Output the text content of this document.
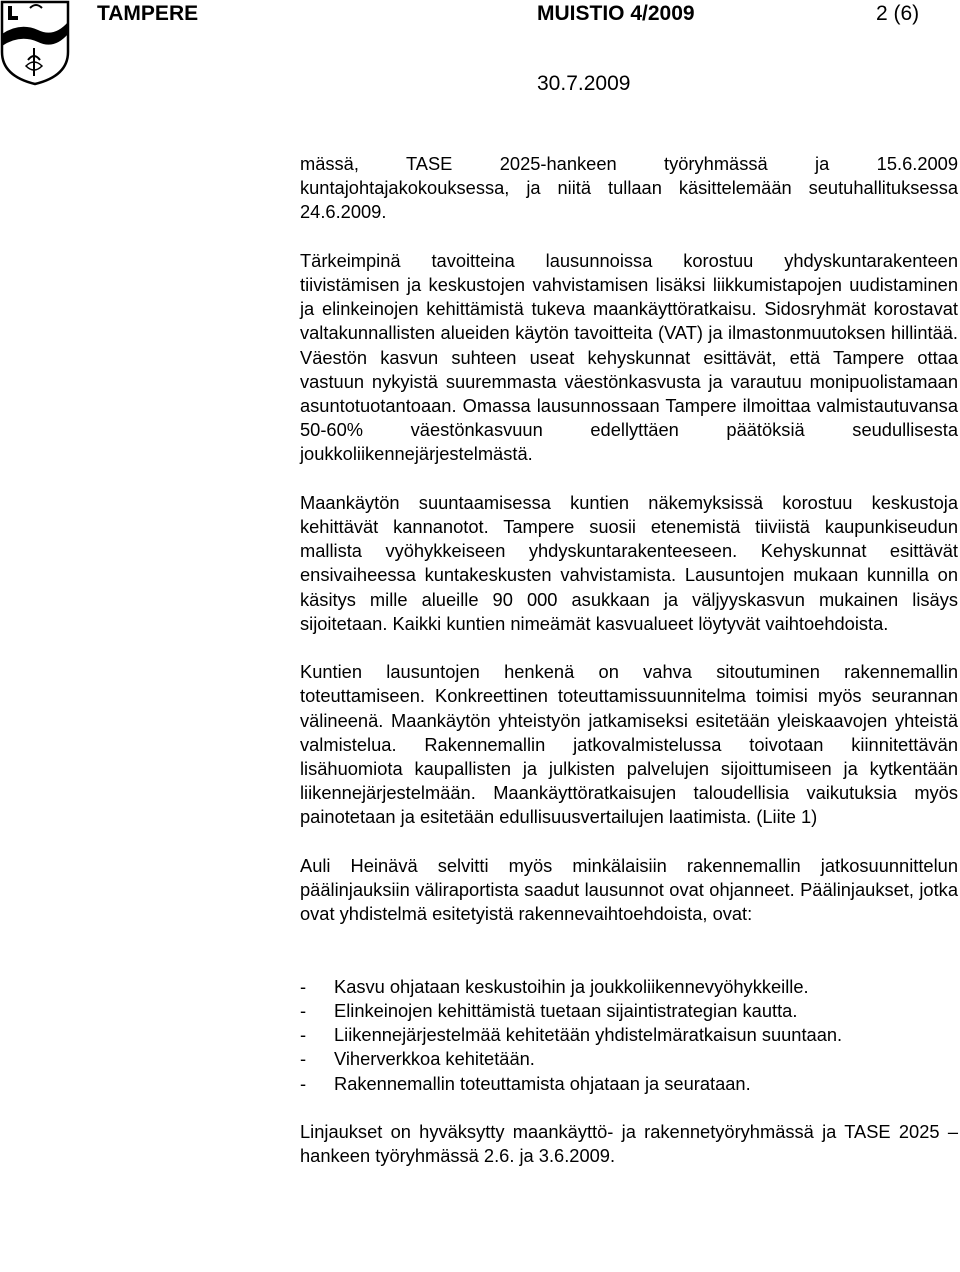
TAMPERE	MUISTIO 4/2009	2 (6)
30.7.2009

mässä, TASE 2025-hankeen työryhmässä ja 15.6.2009 kuntajohtajakokouksessa, ja niitä tullaan käsittelemään seutuhallituksessa 24.6.2009.

Tärkeimpinä tavoitteina lausunnoissa korostuu yhdyskuntarakenteen tiivistämisen ja keskustojen vahvistamisen lisäksi liikkumistapojen uudistaminen ja elinkeinojen kehittämistä tukeva maankäyttöratkaisu. Sidosryhmät korostavat valtakunnallisten alueiden käytön tavoitteita (VAT) ja ilmastonmuutoksen hillintää. Väestön kasvun suhteen useat kehyskunnat esittävät, että Tampere ottaa vastuun nykyistä suuremmasta väestönkasvusta ja varautuu monipuolistamaan asuntotuotantoaan. Omassa lausunnossaan Tampere ilmoittaa valmistautuvansa 50-60% väestönkasvuun edellyttäen päätöksiä seudullisesta joukkoliikennejärjestelmästä.

Maankäytön suuntaamisessa kuntien näkemyksissä korostuu keskustoja kehittävät kannanotot. Tampere suosii etenemistä tiiviistä kaupunkiseudun mallista vyöhykkeiseen yhdyskuntarakenteeseen. Kehyskunnat esittävät ensivaiheessa kuntakeskusten vahvistamista. Lausuntojen mukaan kunnilla on käsitys mille alueille 90 000 asukkaan ja väljyyskasvun mukainen lisäys sijoitetaan. Kaikki kuntien nimeämät kasvualueet löytyvät vaihtoehdoista.

Kuntien lausuntojen henkenä on vahva sitoutuminen rakennemallin toteuttamiseen. Konkreettinen toteuttamissuunnitelma toimisi myös seurannan välineenä. Maankäytön yhteistyön jatkamiseksi esitetään yleiskaavojen yhteistä valmistelua. Rakennemallin jatkovalmistelussa toivotaan kiinnitettävän lisähuomiota kaupallisten ja julkisten palvelujen sijoittumiseen ja kytkentään liikennejärjestelmään. Maankäyttöratkaisujen taloudellisia vaikutuksia myös painotetaan ja esitetään edullisuusvertailujen laatimista. (Liite 1)

Auli Heinävä selvitti myös minkälaisiin rakennemallin jatkosuunnittelun päälinjauksiin väliraportista saadut lausunnot ovat ohjanneet. Päälinjaukset, jotka ovat yhdistelmä esitetyistä rakennevaihtoehdoista, ovat:

- Kasvu ohjataan keskustoihin ja joukkoliikennevyöhykkeille.
- Elinkeinojen kehittämistä tuetaan sijaintistrategian kautta.
- Liikennejärjestelmää kehitetään yhdistelmäratkaisun suuntaan.
- Viherverkkoa kehitetään.
- Rakennemallin toteuttamista ohjataan ja seurataan.

Linjaukset on hyväksytty maankäyttö- ja rakennetyöryhmässä ja TASE 2025 –hankeen työryhmässä 2.6. ja 3.6.2009.
